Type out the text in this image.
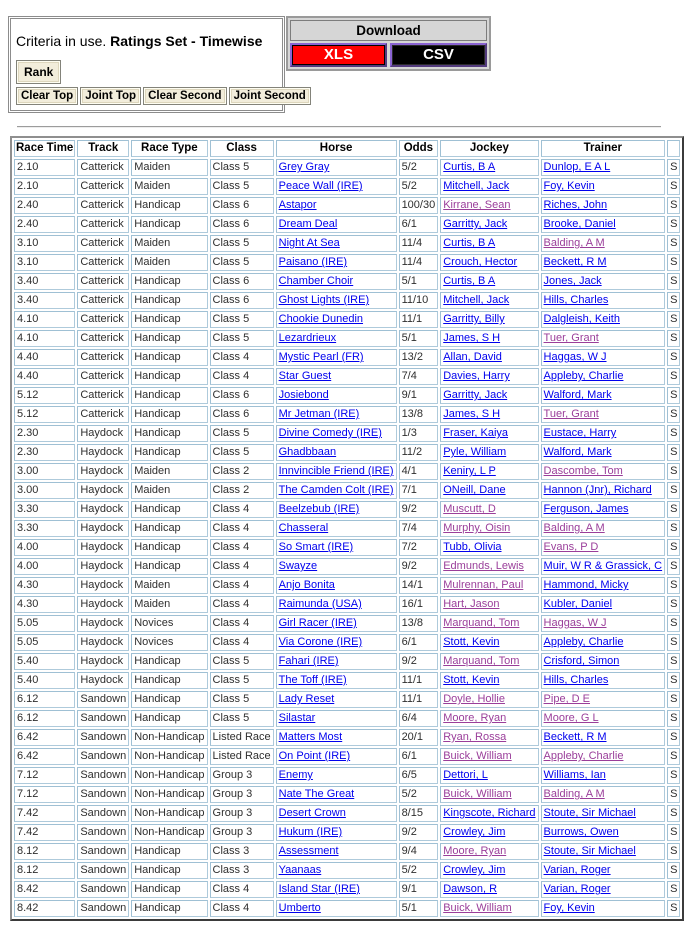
Criteria in use. Ratings Set - Timewise

Rank
Clear Top	Joint Top	Clear Second	Joint Second
Download
XLS	CSV
Race Time	Track	Race Type	Class	Horse	Odds	Jockey	Trainer	
2.10	Catterick	Maiden	Class 5	Grey Gray	5/2	Curtis, B A	Dunlop, E A L	S
2.10	Catterick	Maiden	Class 5	Peace Wall (IRE)	5/2	Mitchell, Jack	Foy, Kevin	S
2.40	Catterick	Handicap	Class 6	Astapor	100/30	Kirrane, Sean	Riches, John	S
2.40	Catterick	Handicap	Class 6	Dream Deal	6/1	Garritty, Jack	Brooke, Daniel	S
3.10	Catterick	Maiden	Class 5	Night At Sea	11/4	Curtis, B A	Balding, A M	S
3.10	Catterick	Maiden	Class 5	Paisano (IRE)	11/4	Crouch, Hector	Beckett, R M	S
3.40	Catterick	Handicap	Class 6	Chamber Choir	5/1	Curtis, B A	Jones, Jack	S
3.40	Catterick	Handicap	Class 6	Ghost Lights (IRE)	11/10	Mitchell, Jack	Hills, Charles	S
4.10	Catterick	Handicap	Class 5	Chookie Dunedin	11/1	Garritty, Billy	Dalgleish, Keith	S
4.10	Catterick	Handicap	Class 5	Lezardrieux	5/1	James, S H	Tuer, Grant	S
4.40	Catterick	Handicap	Class 4	Mystic Pearl (FR)	13/2	Allan, David	Haggas, W J	S
4.40	Catterick	Handicap	Class 4	Star Guest	7/4	Davies, Harry	Appleby, Charlie	S
5.12	Catterick	Handicap	Class 6	Josiebond	9/1	Garritty, Jack	Walford, Mark	S
5.12	Catterick	Handicap	Class 6	Mr Jetman (IRE)	13/8	James, S H	Tuer, Grant	S
2.30	Haydock	Handicap	Class 5	Divine Comedy (IRE)	1/3	Fraser, Kaiya	Eustace, Harry	S
2.30	Haydock	Handicap	Class 5	Ghadbbaan	11/2	Pyle, William	Walford, Mark	S
3.00	Haydock	Maiden	Class 2	Innvincible Friend (IRE)	4/1	Keniry, L P	Dascombe, Tom	S
3.00	Haydock	Maiden	Class 2	The Camden Colt (IRE)	7/1	ONeill, Dane	Hannon (Jnr), Richard	S
3.30	Haydock	Handicap	Class 4	Beelzebub (IRE)	9/2	Muscutt, D	Ferguson, James	S
3.30	Haydock	Handicap	Class 4	Chasseral	7/4	Murphy, Oisin	Balding, A M	S
4.00	Haydock	Handicap	Class 4	So Smart (IRE)	7/2	Tubb, Olivia	Evans, P D	S
4.00	Haydock	Handicap	Class 4	Swayze	9/2	Edmunds, Lewis	Muir, W R & Grassick, C	S
4.30	Haydock	Maiden	Class 4	Anjo Bonita	14/1	Mulrennan, Paul	Hammond, Micky	S
4.30	Haydock	Maiden	Class 4	Raimunda (USA)	16/1	Hart, Jason	Kubler, Daniel	S
5.05	Haydock	Novices	Class 4	Girl Racer (IRE)	13/8	Marquand, Tom	Haggas, W J	S
5.05	Haydock	Novices	Class 4	Via Corone (IRE)	6/1	Stott, Kevin	Appleby, Charlie	S
5.40	Haydock	Handicap	Class 5	Fahari (IRE)	9/2	Marquand, Tom	Crisford, Simon	S
5.40	Haydock	Handicap	Class 5	The Toff (IRE)	11/1	Stott, Kevin	Hills, Charles	S
6.12	Sandown	Handicap	Class 5	Lady Reset	11/1	Doyle, Hollie	Pipe, D E	S
6.12	Sandown	Handicap	Class 5	Silastar	6/4	Moore, Ryan	Moore, G L	S
6.42	Sandown	Non-Handicap	Listed Race	Matters Most	20/1	Ryan, Rossa	Beckett, R M	S
6.42	Sandown	Non-Handicap	Listed Race	On Point (IRE)	6/1	Buick, William	Appleby, Charlie	S
7.12	Sandown	Non-Handicap	Group 3	Enemy	6/5	Dettori, L	Williams, Ian	S
7.12	Sandown	Non-Handicap	Group 3	Nate The Great	5/2	Buick, William	Balding, A M	S
7.42	Sandown	Non-Handicap	Group 3	Desert Crown	8/15	Kingscote, Richard	Stoute, Sir Michael	S
7.42	Sandown	Non-Handicap	Group 3	Hukum (IRE)	9/2	Crowley, Jim	Burrows, Owen	S
8.12	Sandown	Handicap	Class 3	Assessment	9/4	Moore, Ryan	Stoute, Sir Michael	S
8.12	Sandown	Handicap	Class 3	Yaanaas	5/2	Crowley, Jim	Varian, Roger	S
8.42	Sandown	Handicap	Class 4	Island Star (IRE)	9/1	Dawson, R	Varian, Roger	S
8.42	Sandown	Handicap	Class 4	Umberto	5/1	Buick, William	Foy, Kevin	S
